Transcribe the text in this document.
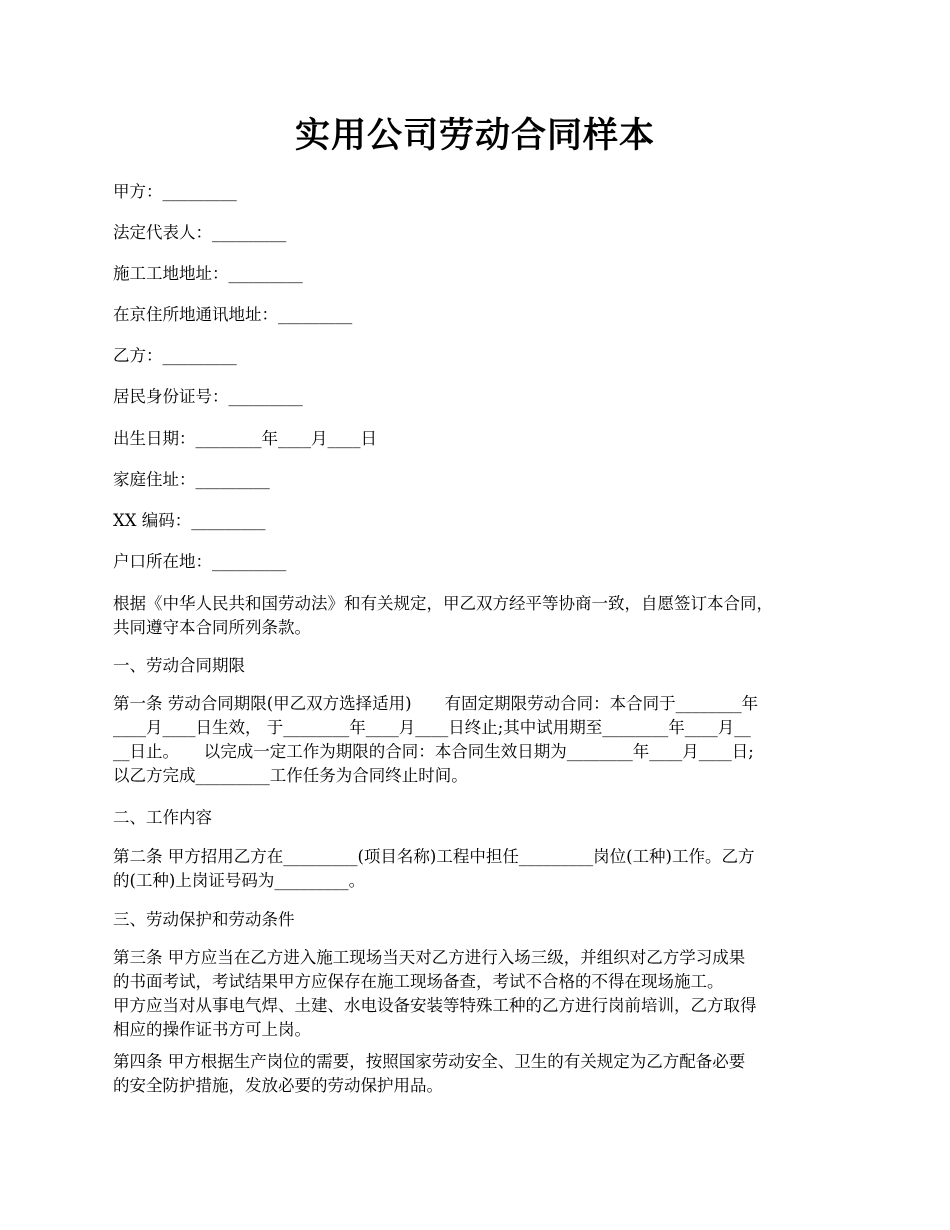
实用公司劳动合同样本
甲方：_________
法定代表人：_________
施工工地地址：_________
在京住所地通讯地址：_________
乙方：_________
居民身份证号：_________
出生日期：________年____月____日
家庭住址：_________
XX 编码：_________
户口所在地：_________
根据《中华人民共和国劳动法》和有关规定，甲乙双方经平等协商一致，自愿签订本合同，
共同遵守本合同所列条款。
一、劳动合同期限
第一条 劳动合同期限(甲乙双方选择适用)　　有固定期限劳动合同：本合同于________年
____月____日生效， 于________年____月____日终止;其中试用期至________年____月__
__日止。　　以完成一定工作为期限的合同：本合同生效日期为________年____月____日;
以乙方完成_________工作任务为合同终止时间。
二、工作内容
第二条 甲方招用乙方在_________(项目名称)工程中担任_________岗位(工种)工作。乙方
的(工种)上岗证号码为_________。
三、劳动保护和劳动条件
第三条 甲方应当在乙方进入施工现场当天对乙方进行入场三级，并组织对乙方学习成果
的书面考试，考试结果甲方应保存在施工现场备查，考试不合格的不得在现场施工。
甲方应当对从事电气焊、土建、水电设备安装等特殊工种的乙方进行岗前培训，乙方取得
相应的操作证书方可上岗。
第四条 甲方根据生产岗位的需要，按照国家劳动安全、卫生的有关规定为乙方配备必要
的安全防护措施，发放必要的劳动保护用品。
